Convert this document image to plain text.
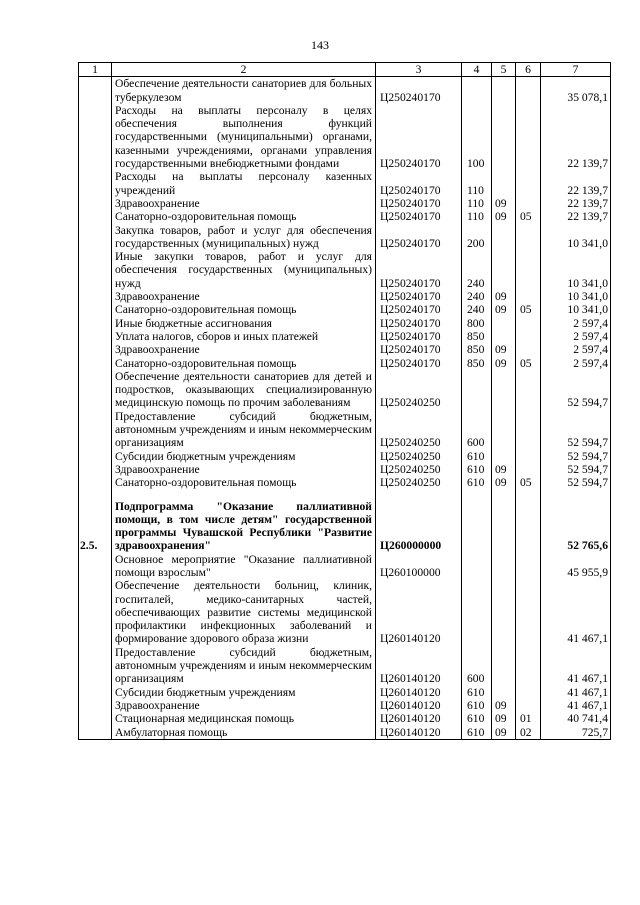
143
1	2	3	4	5	6	7
	Обеспечение деятельности санаториев для больных туберкулезом	Ц250240170				35 078,1
	Расходы на выплаты персоналу в целях обеспечения выполнения функций государственными (муниципальными) органами, казенными учреждениями, органами управления государственными внебюджетными фондами	Ц250240170	100			22 139,7
	Расходы на выплаты персоналу казенных учреждений	Ц250240170	110			22 139,7
	Здравоохранение	Ц250240170	110	09		22 139,7
	Санаторно-оздоровительная помощь	Ц250240170	110	09	05	22 139,7
	Закупка товаров, работ и услуг для обеспечения государственных (муниципальных) нужд	Ц250240170	200			10 341,0
	Иные закупки товаров, работ и услуг для обеспечения государственных (муниципальных) нужд	Ц250240170	240			10 341,0
	Здравоохранение	Ц250240170	240	09		10 341,0
	Санаторно-оздоровительная помощь	Ц250240170	240	09	05	10 341,0
	Иные бюджетные ассигнования	Ц250240170	800			2 597,4
	Уплата налогов, сборов и иных платежей	Ц250240170	850			2 597,4
	Здравоохранение	Ц250240170	850	09		2 597,4
	Санаторно-оздоровительная помощь	Ц250240170	850	09	05	2 597,4
	Обеспечение деятельности санаториев для детей и подростков, оказывающих специализированную медицинскую помощь по прочим заболеваниям	Ц250240250				52 594,7
	Предоставление субсидий бюджетным, автономным учреждениям и иным некоммерческим организациям	Ц250240250	600			52 594,7
	Субсидии бюджетным учреждениям	Ц250240250	610			52 594,7
	Здравоохранение	Ц250240250	610	09		52 594,7
	Санаторно-оздоровительная помощь	Ц250240250	610	09	05	52 594,7

2.5.	Подпрограмма "Оказание паллиативной помощи, в том числе детям" государственной программы Чувашской Республики "Развитие здравоохранения"	Ц260000000				52 765,6
	Основное мероприятие "Оказание паллиативной помощи взрослым"	Ц260100000				45 955,9
	Обеспечение деятельности больниц, клиник, госпиталей, медико-санитарных частей, обеспечивающих развитие системы медицинской профилактики инфекционных заболеваний и формирование здорового образа жизни	Ц260140120				41 467,1
	Предоставление субсидий бюджетным, автономным учреждениям и иным некоммерческим организациям	Ц260140120	600			41 467,1
	Субсидии бюджетным учреждениям	Ц260140120	610			41 467,1
	Здравоохранение	Ц260140120	610	09		41 467,1
	Стационарная медицинская помощь	Ц260140120	610	09	01	40 741,4
	Амбулаторная помощь	Ц260140120	610	09	02	725,7
